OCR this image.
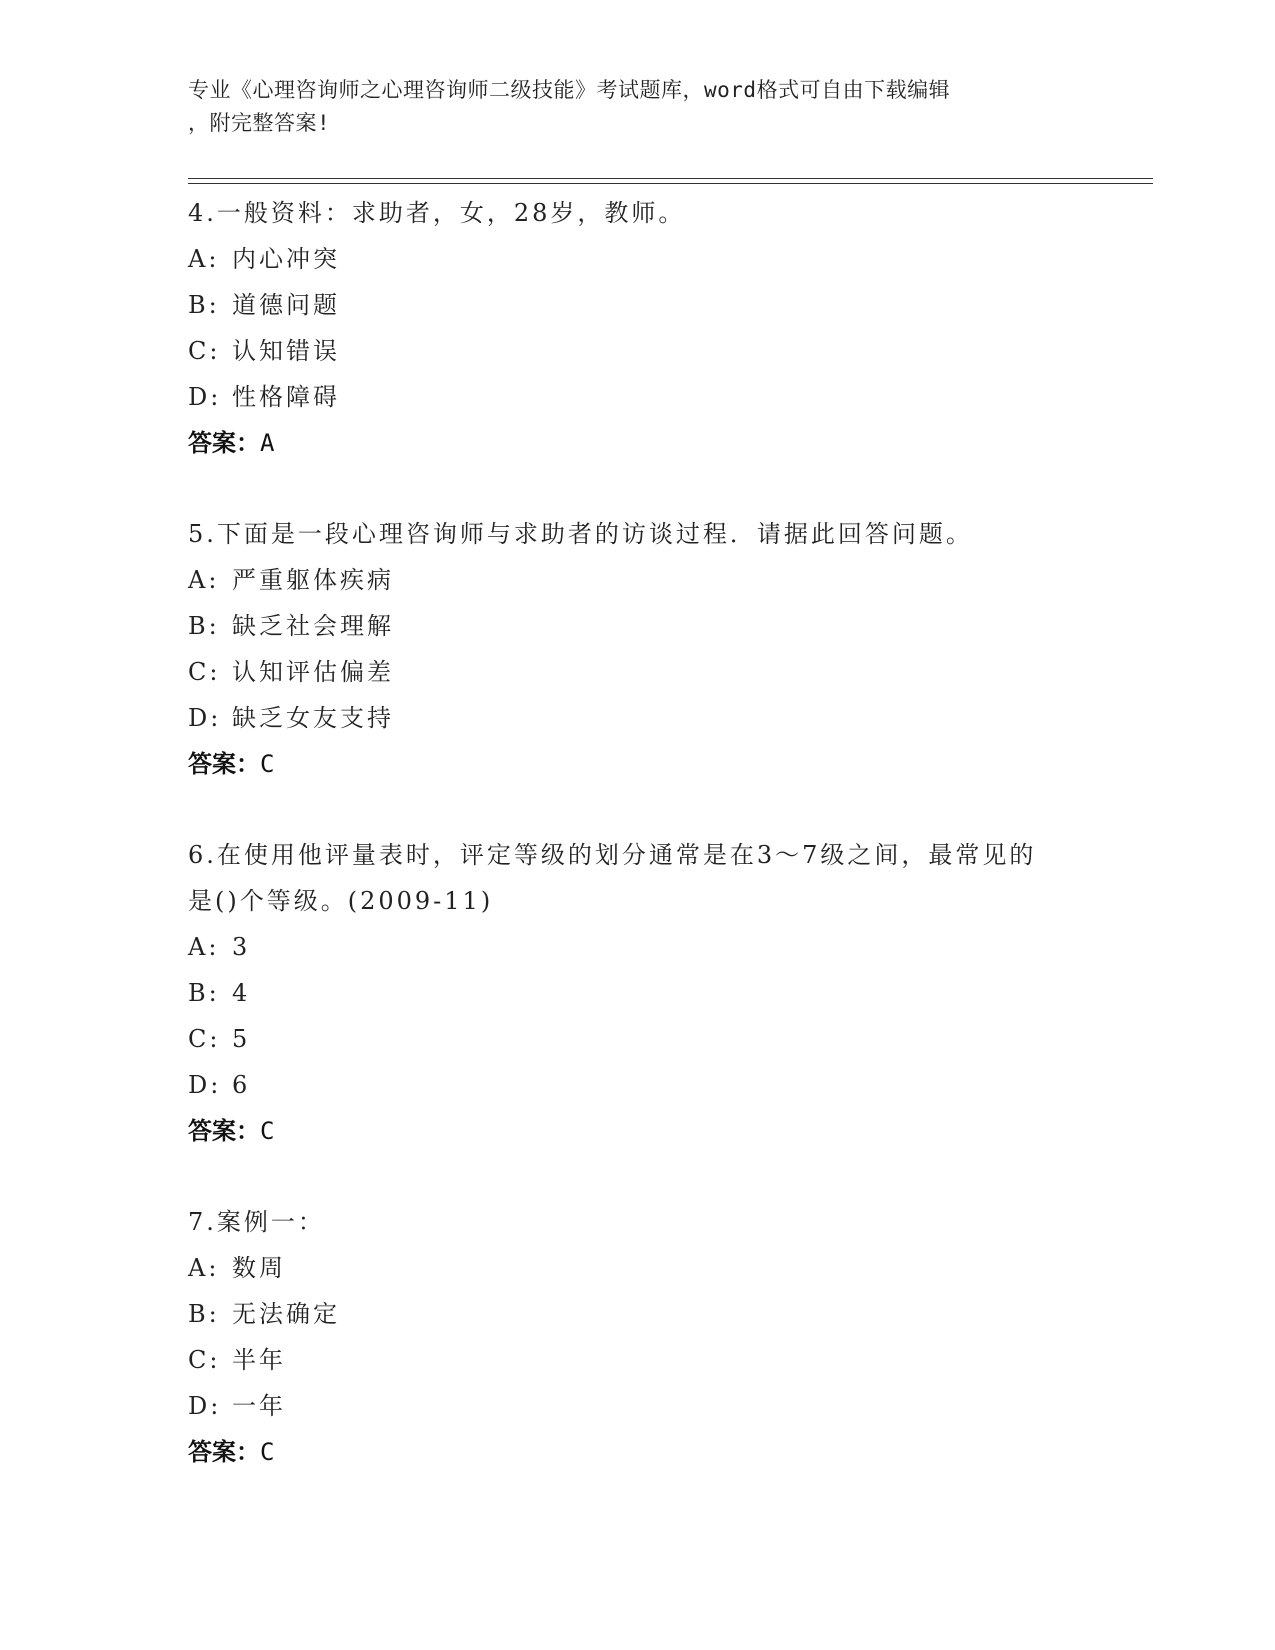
专业《心理咨询师之心理咨询师二级技能》考试题库，word格式可自由下载编辑
，附完整答案!
4.一般资料：求助者，女，28岁，教师。
A: 内心冲突
B: 道德问题
C: 认知错误
D: 性格障碍
答案：A
5.下面是一段心理咨询师与求助者的访谈过程．请据此回答问题。
A: 严重躯体疾病
B: 缺乏社会理解
C: 认知评估偏差
D: 缺乏女友支持
答案：C
6.在使用他评量表时，评定等级的划分通常是在3～7级之间，最常见的是()个等级。(2009-11)
A: 3
B: 4
C: 5
D: 6
答案：C
7.案例一：
A: 数周
B: 无法确定
C: 半年
D: 一年
答案：C
